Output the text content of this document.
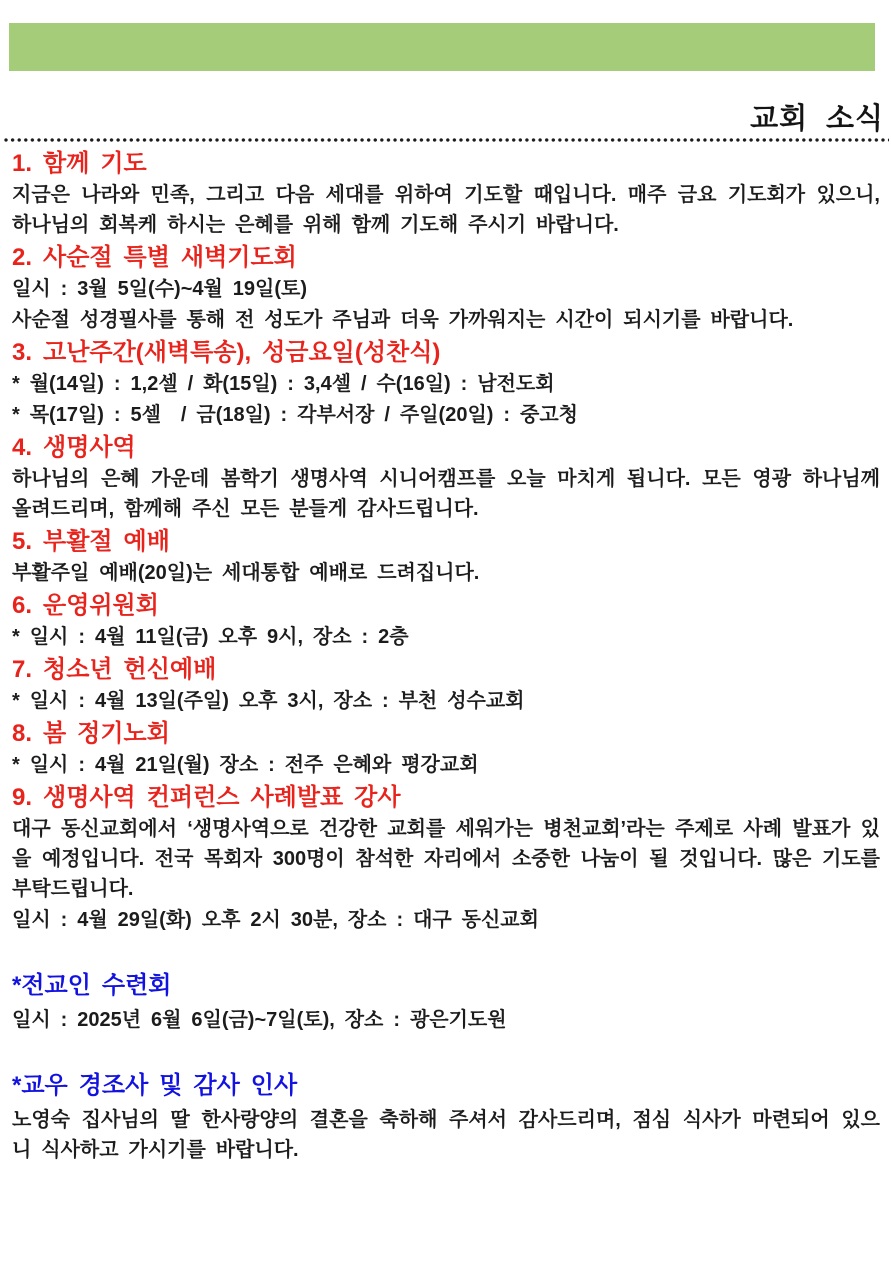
교회 소식
1. 함께 기도
지금은 나라와 민족, 그리고 다음 세대를 위하여 기도할 때입니다. 매주 금요 기도회가 있으니, 하나님의 회복케 하시는 은혜를 위해 함께 기도해 주시기 바랍니다.
2. 사순절 특별 새벽기도회
일시 : 3월 5일(수)~4월 19일(토)
사순절 성경필사를 통해 전 성도가 주님과 더욱 가까워지는 시간이 되시기를 바랍니다.
3. 고난주간(새벽특송), 성금요일(성찬식)
* 월(14일) : 1,2셀 / 화(15일) : 3,4셀 / 수(16일) : 남전도회
* 목(17일) : 5셀  / 금(18일) : 각부서장 / 주일(20일) : 중고청
4. 생명사역
하나님의 은혜 가운데 봄학기 생명사역 시니어캠프를 오늘 마치게 됩니다. 모든 영광 하나님께 올려드리며, 함께해 주신 모든 분들게 감사드립니다.
5. 부활절 예배
부활주일 예배(20일)는 세대통합 예배로 드려집니다.
6. 운영위원회
* 일시 : 4월 11일(금) 오후 9시, 장소 : 2층
7. 청소년 헌신예배
* 일시 : 4월 13일(주일) 오후 3시, 장소 : 부천 성수교회
8. 봄 정기노회
* 일시 : 4월 21일(월) 장소 : 전주 은혜와 평강교회
9. 생명사역 컨퍼런스 사례발표 강사
대구 동신교회에서 ‘생명사역으로 건강한 교회를 세워가는 병천교회’라는 주제로 사례 발표가 있을 예정입니다. 전국 목회자 300명이 참석한 자리에서 소중한 나눔이 될 것입니다. 많은 기도를 부탁드립니다.
일시 : 4월 29일(화) 오후 2시 30분, 장소 : 대구 동신교회
*전교인 수련회
일시 : 2025년 6월 6일(금)~7일(토), 장소 : 광은기도원
*교우 경조사 및 감사 인사
노영숙 집사님의 딸 한사랑양의 결혼을 축하해 주셔서 감사드리며, 점심 식사가 마련되어 있으니 식사하고 가시기를 바랍니다.
